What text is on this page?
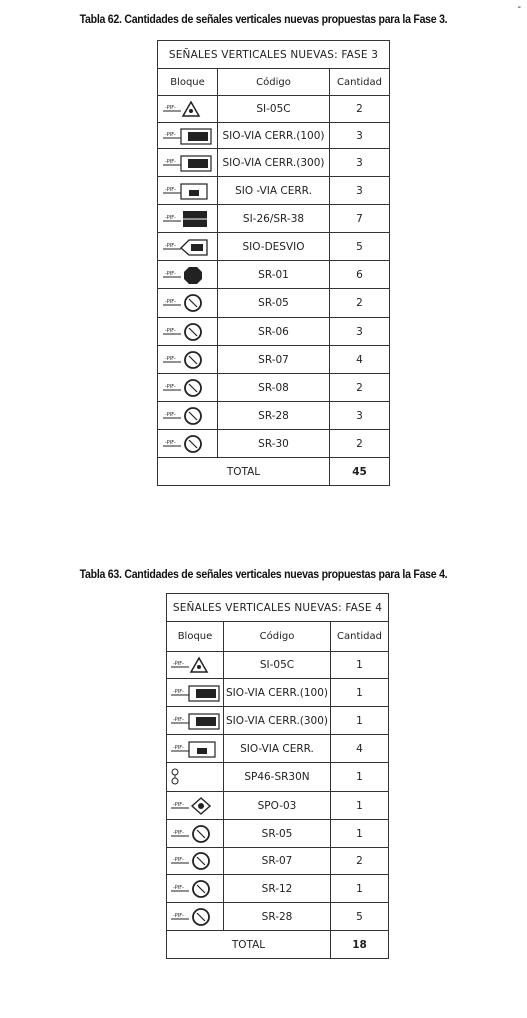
-
Tabla 62. Cantidades de señales verticales nuevas propuestas para la Fase 3.
SEÑALES VERTICALES NUEVAS: FASE 3		
Bloque	Código	Cantidad

-PIF-	SI-05C	2

-PIF-	SIO-VIA CERR.(100)	3

-PIF-	SIO-VIA CERR.(300)	3

-PIF-	SIO -VIA CERR.	3

-PIF-	SI-26/SR-38	7

-PIF-	SIO-DESVIO	5

-PIF-	SR-01	6

-PIF-	SR-05	2

-PIF-	SR-06	3

-PIF-	SR-07	4

-PIF-	SR-08	2

-PIF-	SR-28	3

-PIF-	SR-30	2
TOTAL		45
Tabla 63. Cantidades de señales verticales nuevas propuestas para la Fase 4.
SEÑALES VERTICALES NUEVAS: FASE 4		
Bloque	Código	Cantidad

-PIF-	SI-05C	1

-PIF-	SIO-VIA CERR.(100)	1

-PIF-	SIO-VIA CERR.(300)	1

-PIF-	SIO-VIA CERR.	4
	SP46-SR30N	1

-PIF-	SPO-03	1

-PIF-	SR-05	1

-PIF-	SR-07	2

-PIF-	SR-12	1

-PIF-	SR-28	5
TOTAL		18
